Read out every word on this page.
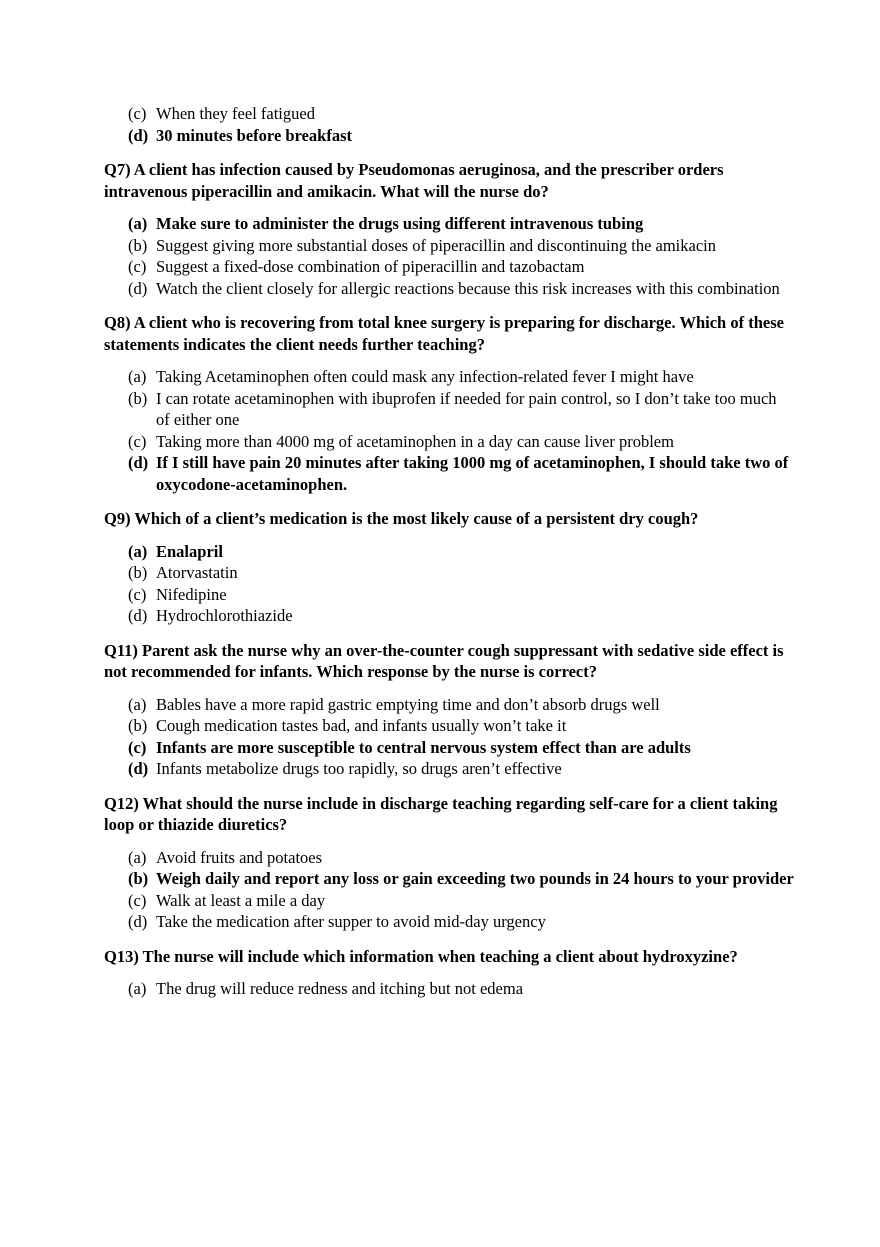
(c) When they feel fatigued
(d) 30 minutes before breakfast

Q7) A client has infection caused by Pseudomonas aeruginosa, and the prescriber orders intravenous piperacillin and amikacin. What will the nurse do?

(a) Make sure to administer the drugs using different intravenous tubing
(b) Suggest giving more substantial doses of piperacillin and discontinuing the amikacin
(c) Suggest a fixed-dose combination of piperacillin and tazobactam
(d) Watch the client closely for allergic reactions because this risk increases with this combination

Q8) A client who is recovering from total knee surgery is preparing for discharge. Which of these statements indicates the client needs further teaching?

(a) Taking Acetaminophen often could mask any infection-related fever I might have
(b) I can rotate acetaminophen with ibuprofen if needed for pain control, so I don’t take too much of either one
(c) Taking more than 4000 mg of acetaminophen in a day can cause liver problem
(d) If I still have pain 20 minutes after taking 1000 mg of acetaminophen, I should take two of oxycodone-acetaminophen.

Q9) Which of a client’s medication is the most likely cause of a persistent dry cough?

(a) Enalapril
(b) Atorvastatin
(c) Nifedipine
(d) Hydrochlorothiazide

Q11) Parent ask the nurse why an over-the-counter cough suppressant with sedative side effect is not recommended for infants. Which response by the nurse is correct?

(a) Bables have a more rapid gastric emptying time and don’t absorb drugs well
(b) Cough medication tastes bad, and infants usually won’t take it
(c) Infants are more susceptible to central nervous system effect than are adults
(d) Infants metabolize drugs too rapidly, so drugs aren’t effective

Q12) What should the nurse include in discharge teaching regarding self-care for a client taking loop or thiazide diuretics?

(a) Avoid fruits and potatoes
(b) Weigh daily and report any loss or gain exceeding two pounds in 24 hours to your provider
(c) Walk at least a mile a day
(d) Take the medication after supper to avoid mid-day urgency

Q13) The nurse will include which information when teaching a client about hydroxyzine?

(a) The drug will reduce redness and itching but not edema
